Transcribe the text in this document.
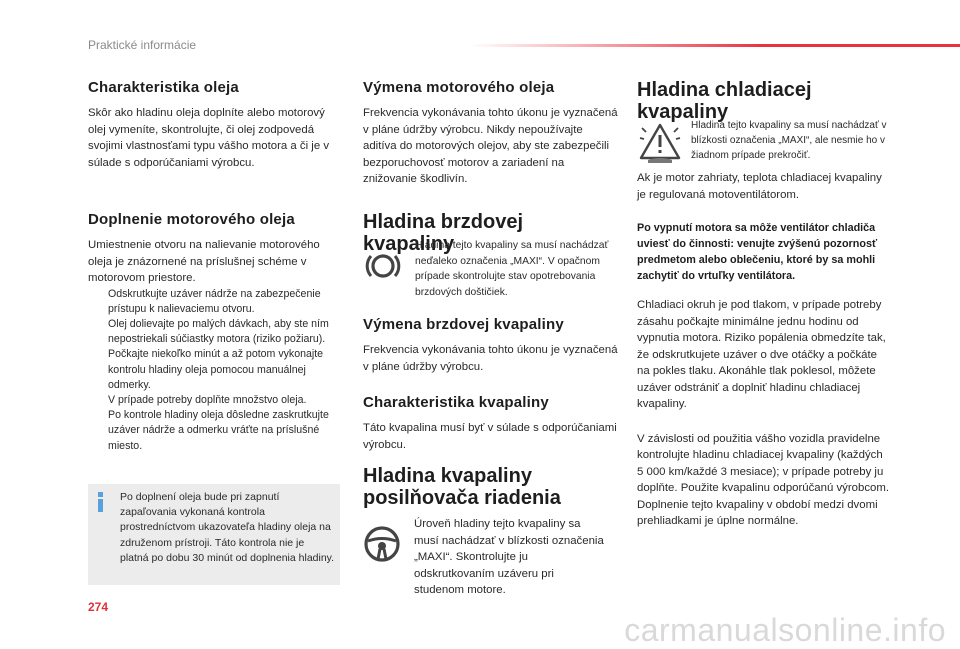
Praktické informácie
Charakteristika oleja

Skôr ako hladinu oleja doplníte alebo motorový olej vymeníte, skontrolujte, či olej zodpovedá svojimi vlastnosťami typu vášho motora a či je v súlade s odporúčaniami výrobcu.

Doplnenie motorového oleja

Umiestnenie otvoru na nalievanie motorového oleja je znázornené na príslušnej schéme v motorovom priestore.

Odskrutkujte uzáver nádrže na zabezpečenie prístupu k nalievaciemu otvoru.
Olej dolievajte po malých dávkach, aby ste ním nepostriekali súčiastky motora (riziko požiaru).
Počkajte niekoľko minút a až potom vykonajte kontrolu hladiny oleja pomocou manuálnej odmerky.
V prípade potreby doplňte množstvo oleja.
Po kontrole hladiny oleja dôsledne zaskrutkujte uzáver nádrže a odmerku vráťte na príslušné miesto.
Po doplnení oleja bude pri zapnutí zapaľovania vykonaná kontrola prostredníctvom ukazovateľa hladiny oleja na združenom prístroji. Táto kontrola nie je platná po dobu 30 minút od doplnenia hladiny.
Výmena motorového oleja

Frekvencia vykonávania tohto úkonu je vyznačená v pláne údržby výrobcu. Nikdy nepoužívajte aditíva do motorových olejov, aby ste zabezpečili bezporuchovosť motorov a zariadení na znižovanie škodlivín.

Hladina brzdovej kvapaliny

Hladina tejto kvapaliny sa musí nachádzať neďaleko označenia „MAXI“. V opačnom prípade skontrolujte stav opotrebovania brzdových doštičiek.

Výmena brzdovej kvapaliny

Frekvencia vykonávania tohto úkonu je vyznačená v pláne údržby výrobcu.

Charakteristika kvapaliny

Táto kvapalina musí byť v súlade s odporúčaniami výrobcu.

Hladina kvapaliny posilňovača riadenia

Úroveň hladiny tejto kvapaliny sa musí nachádzať v blízkosti označenia „MAXI“. Skontrolujte ju odskrutkovaním uzáveru pri studenom motore.

Hladina chladiacej kvapaliny

Hladina tejto kvapaliny sa musí nachádzať v blízkosti označenia „MAXI“, ale nesmie ho v žiadnom prípade prekročiť.

Ak je motor zahriaty, teplota chladiacej kvapaliny je regulovaná motoventilátorom.

Po vypnutí motora sa môže ventilátor chladiča uviesť do činnosti: venujte zvýšenú pozornosť predmetom alebo oblečeniu, ktoré by sa mohli zachytiť do vrtuľky ventilátora.

Chladiaci okruh je pod tlakom, v prípade potreby zásahu počkajte minimálne jednu hodinu od vypnutia motora. Riziko popálenia obmedzíte tak, že odskrutkujete uzáver o dve otáčky a počkáte na pokles tlaku. Akonáhle tlak poklesol, môžete uzáver odstrániť a doplniť hladinu chladiacej kvapaliny.

V závislosti od použitia vášho vozidla pravidelne kontrolujte hladinu chladiacej kvapaliny (každých 5 000 km/každé 3 mesiace); v prípade potreby ju doplňte. Použite kvapalinu odporúčanú výrobcom. Doplnenie tejto kvapaliny v období medzi dvomi prehliadkami je úplne normálne.

274
carmanualsonline.info
